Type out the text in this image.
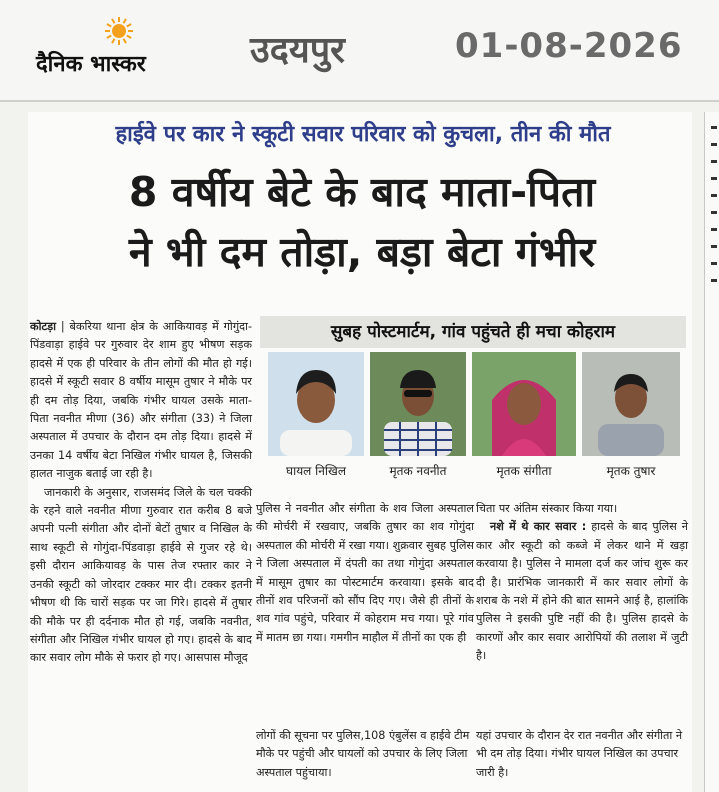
दैनिक भास्कर	उदयपुर	01-08-2026
हाईवे पर कार ने स्कूटी सवार परिवार को कुचला, तीन की मौत
8 वर्षीय बेटे के बाद माता-पिता
ने भी दम तोड़ा, बड़ा बेटा गंभीर
सुबह पोस्टमार्टम, गांव पहुंचते ही मचा कोहराम
घायल निखिल	मृतक नवनीत	मृतक संगीता	मृतक तुषार

कोटड़ा | बेकरिया थाना क्षेत्र के आकियावड़ में गोगुंदा-पिंडवाड़ा हाईवे पर गुरुवार देर शाम हुए भीषण सड़क हादसे में एक ही परिवार के तीन लोगों की मौत हो गई। हादसे में स्कूटी सवार 8 वर्षीय मासूम तुषार ने मौके पर ही दम तोड़ दिया, जबकि गंभीर घायल उसके माता-पिता नवनीत मीणा (36) और संगीता (33) ने जिला अस्पताल में उपचार के दौरान दम तोड़ दिया। हादसे में उनका 14 वर्षीय बेटा निखिल गंभीर घायल है, जिसकी हालत नाजुक बताई जा रही है।

जानकारी के अनुसार, राजसमंद जिले के चल चक्की के रहने वाले नवनीत मीणा गुरुवार रात करीब 8 बजे अपनी पत्नी संगीता और दोनों बेटों तुषार व निखिल के साथ स्कूटी से गोगुंदा-पिंडवाड़ा हाईवे से गुजर रहे थे। इसी दौरान आकियावड़ के पास तेज रफ्तार कार ने उनकी स्कूटी को जोरदार टक्कर मार दी। टक्कर इतनी भीषण थी कि चारों सड़क पर जा गिरे। हादसे में तुषार की मौके पर ही दर्दनाक मौत हो गई, जबकि नवनीत, संगीता और निखिल गंभीर घायल हो गए। हादसे के बाद कार सवार लोग मौके से फरार हो गए। आसपास मौजूद

पुलिस ने नवनीत और संगीता के शव जिला अस्पताल की मोर्चरी में रखवाए, जबकि तुषार का शव गोगुंदा अस्पताल की मोर्चरी में रखा गया। शुक्रवार सुबह पुलिस ने जिला अस्पताल में दंपती का तथा गोगुंदा अस्पताल में मासूम तुषार का पोस्टमार्टम करवाया। इसके बाद तीनों शव परिजनों को सौंप दिए गए। जैसे ही तीनों के शव गांव पहुंचे, परिवार में कोहराम मच गया। पूरे गांव में मातम छा गया। गमगीन माहौल में तीनों का एक ही

चिता पर अंतिम संस्कार किया गया।

नशे में थे कार सवार : हादसे के बाद पुलिस ने कार और स्कूटी को कब्जे में लेकर थाने में खड़ा करवाया है। पुलिस ने मामला दर्ज कर जांच शुरू कर दी है। प्रारंभिक जानकारी में कार सवार लोगों के शराब के नशे में होने की बात सामने आई है, हालांकि पुलिस ने इसकी पुष्टि नहीं की है। पुलिस हादसे के कारणों और कार सवार आरोपियों की तलाश में जुटी है।

लोगों की सूचना पर पुलिस,108 एंबुलेंस व हाईवे टीम मौके पर पहुंची और घायलों को उपचार के लिए जिला अस्पताल पहुंचाया।
यहां उपचार के दौरान देर रात नवनीत और संगीता ने भी दम तोड़ दिया। गंभीर घायल निखिल का उपचार जारी है।
